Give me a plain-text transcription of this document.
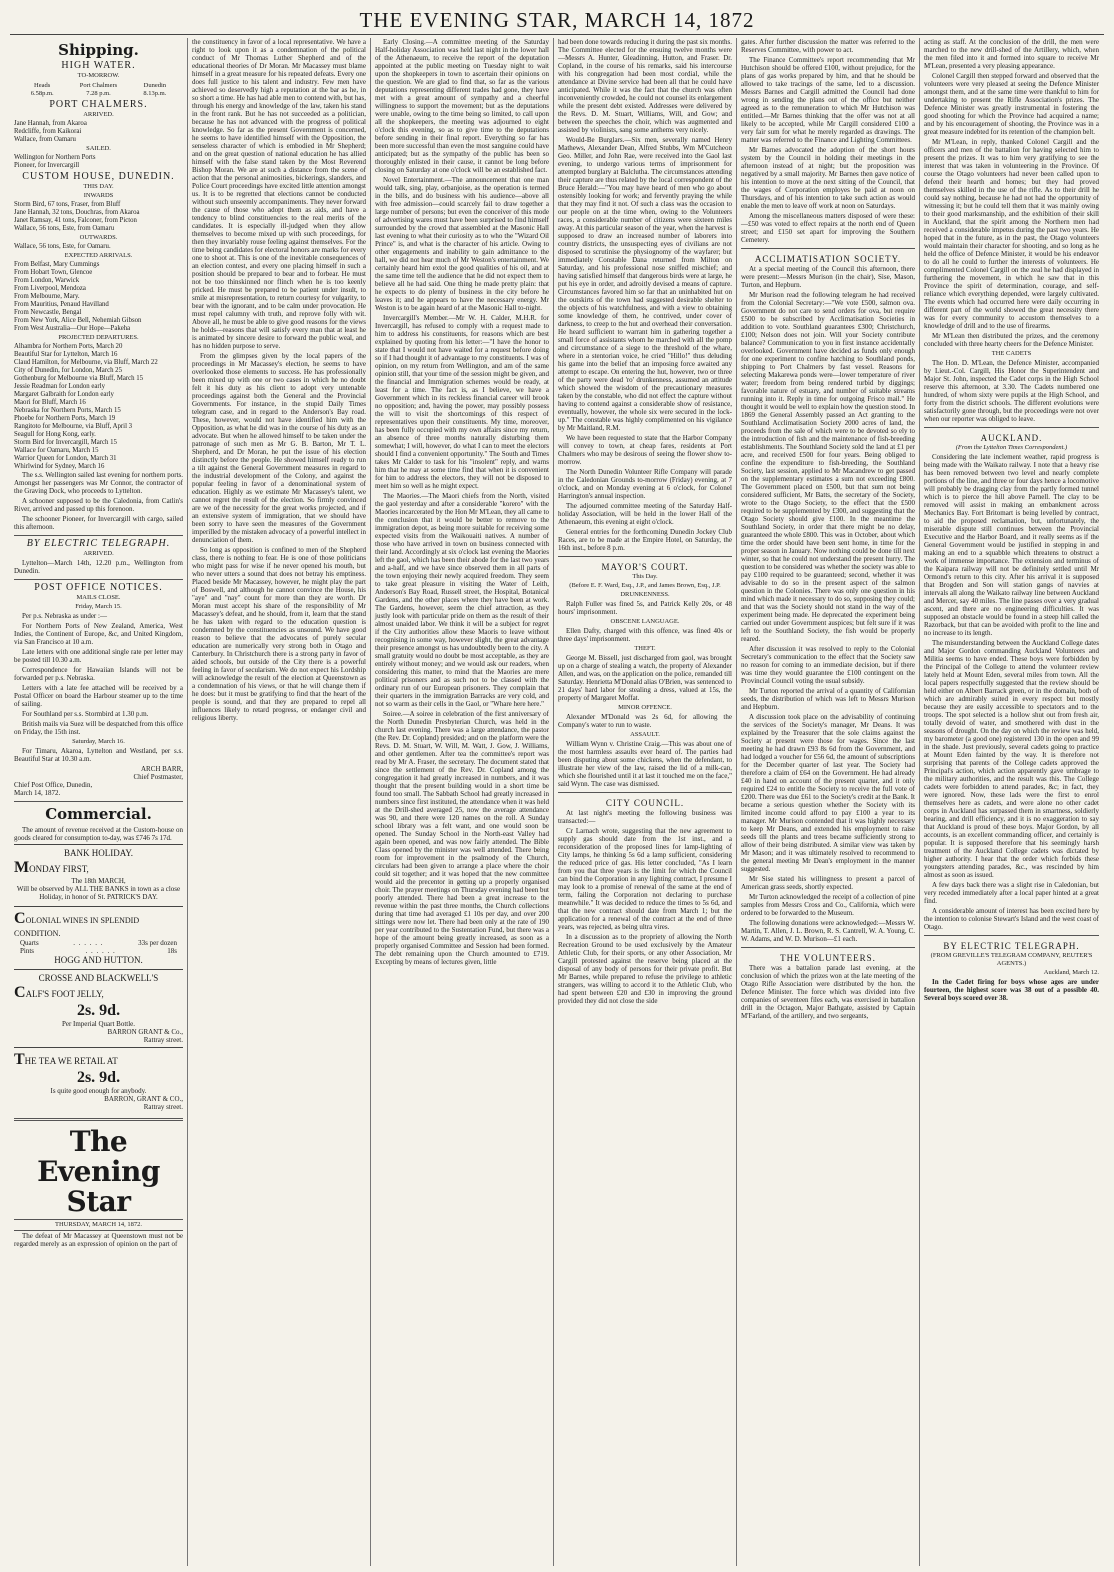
THE EVENING STAR, MARCH 14, 1872
Shipping.
HIGH WATER.
TO-MORROW.
Heads
6.58p.m.
Port Chalmers
7.28 p.m.
Dunedin
8.13p.m.
PORT CHALMERS.
ARRIVED.
Jane Hannah, from Akaroa
Redcliffe, from Kaikorai
Wallace, from Oamaru
SAILED.
Wellington for Northern Ports
Pioneer, for Invercargill
CUSTOM HOUSE, DUNEDIN.
THIS DAY.
INWARDS
Storm Bird, 67 tons, Fraser, from Bluff
Jane Hannah, 32 tons, Douchras, from Akaroa
Janet Ramsay, 41 tons, Falconer, from Picton
Wallace, 56 tons, Este, from Oamaru
OUTWARDS.
Wallace, 56 tons, Este, for Oamaru.
EXPECTED ARRIVALS.
From Belfast, Mary Cummings
From Hobart Town, Glencoe
From London, Warwick
From Liverpool, Mendoza
From Melbourne, Mary.
From Mauritius, Penaud Havilland
From Newcastle, Bengal
From New York, Alice Bell, Nehemiah Gibson
From West Australia—Our Hope—Pakeha
PROJECTED DEPARTURES.
Alhambra for Northern Ports, March 20
Beautiful Star for Lyttelton, March 16
Claud Hamilton, for Melbourne, via Bluff, March 22
City of Dunedin, for London, March 25
Gothenburg for Melbourne via Bluff, March 15
Jessie Readman for London early
Margaret Galbraith for London early
Maori for Bluff, March 16
Nebraska for Northern Ports, March 15
Phoebe for Northern Ports, March 19
Rangitoto for Melbourne, via Bluff, April 3
Seagull for Hong Kong, early.
Storm Bird for Invercargill, March 15
Wallace for Oamaru, March 15
Warrior Queen for London, March 31
Whirlwind for Sydney, March 16

The s.s. Wellington sailed last evening for northern ports. Amongst her passengers was Mr Connor, the contractor of the Graving Dock, who proceeds to Lyttelton.

A schooner supposed to be the Caledonia, from Catlin's River, arrived and passed up this forenoon.

The schooner Pioneer, for Invercargill with cargo, sailed this afternoon.

BY ELECTRIC TELEGRAPH.
ARRIVED.

Lyttelton—March 14th, 12.20 p.m., Wellington from Dunedin.

POST OFFICE NOTICES.
MAILS CLOSE.
Friday, March 15.

Per p.s. Nebraska as under :—

For Northern Ports of New Zealand, America, West Indies, the Continent of Europe, &c, and United Kingdom, via San Francisco at 10 a.m.

Late letters with one additional single rate per letter may be posted till 10.30 a.m.

Correspondence for Hawaiian Islands will not be forwarded per p.s. Nebraska.

Letters with a late fee attached will be received by a Postal Officer on board the Harbour steamer up to the time of sailing.

For Southland per s.s. Stormbird at 1.30 p.m.

British mails via Suez will be despatched from this office on Friday, the 15th inst.

Saturday, March 16.

For Timaru, Akaroa, Lyttelton and Westland, per s.s. Beautiful Star at 10.30 a.m.

ARCH BARR,
Chief Postmaster,
Chief Post Office, Dunedin,
March 14, 1872.
Commercial.

The amount of revenue received at the Custom-house on goods cleared for consumption to-day, was £746 7s 17d.

BANK HOLIDAY.
MONDAY FIRST,
The 18th MARCH,

Will be observed by ALL THE BANKS in town as a close Holiday, in honor of St. PATRICK'S DAY.

COLONIAL WINES IN SPLENDID CONDITION.
Quarts	. . . . . .	33s per dozen
Pints	. . . . . .	18s
HOGG AND HUTTON.
CROSSE AND BLACKWELL'S
CALF'S FOOT JELLY,
2s. 9d.
Per Imperial Quart Bottle.
BARRON GRANT & Co.,
Rattray street.
THE TEA WE RETAIL AT
2s. 9d.
Is quite good enough for anybody.
BARRON, GRANT & CO.,
Rattray street.
The Evening Star
THURSDAY, MARCH 14, 1872.

The defeat of Mr Macassey at Queenstown must not be regarded merely as an expression of opinion on the part of

the constituency in favor of a local representative. We have a right to look upon it as a condemnation of the political conduct of Mr Thomas Luther Shepherd and of the educational theories of Dr Moran. Mr Macassey must blame himself in a great measure for his repeated defeats. Every one does full justice to his talent and industry. Few men have achieved so deservedly high a reputation at the bar as he, in so short a time. He has had able men to contend with, but has, through his energy and knowledge of the law, taken his stand in the front rank. But he has not succeeded as a politician, because he has not advanced with the progress of political knowledge. So far as the present Government is concerned, he seems to have identified himself with the Opposition, the senseless character of which is embodied in Mr Shepherd; and on the great question of national education he has allied himself with the false stand taken by the Most Reverend Bishop Moran. We are at such a distance from the scene of action that the personal animosities, bickerings, slanders, and Police Court proceedings have excited little attention amongst us. It is to be regretted that elections cannot be conducted without such unseemly accompaniments. They never forward the cause of those who adopt them as aids, and have a tendency to blind constituencies to the real merits of the candidates. It is especially ill-judged when they allow themselves to become mixed up with such proceedings, for then they invariably rouse feeling against themselves. For the time being candidates for electoral honors are marks for every one to shoot at. This is one of the inevitable consequences of an election contest, and every one placing himself in such a position should be prepared to bear and to forbear. He must not be too thinskinned nor flinch when he is too keenly pricked. He must be prepared to be patient under insult, to smile at misrepresentation, to return courtesy for vulgarity, to bear with the ignorant, and to be calm under provocation. He must repel calumny with truth, and reprove folly with wit. Above all, he must be able to give good reasons for the views he holds—reasons that will satisfy every man that at least he is animated by sincere desire to forward the public weal, and has no hidden purpose to serve.

From the glimpses given by the local papers of the proceedings in Mr Macassey's election, he seems to have overlooked those elements to success. He has professionally been mixed up with one or two cases in which he no doubt felt it his duty as his client to adopt very untenable proceedings against both the General and the Provincial Governments. For instance, in the stupid Daily Times telegram case, and in regard to the Anderson's Bay road. These, however, would not have identified him with the Opposition, as what he did was in the course of his duty as an advocate. But when he allowed himself to be taken under the patronage of such men as Mr G. B. Barton, Mr T. L. Shepherd, and Dr Moran, he put the issue of his election distinctly before the people. He showed himself ready to run a tilt against the General Government measures in regard to the industrial development of the Colony, and against the popular feeling in favor of a denominational system of education. Highly as we estimate Mr Macassey's talent, we cannot regret the result of the election. So firmly convinced are we of the necessity for the great works projected, and if an extensive system of immigration, that we should have been sorry to have seen the measures of the Government imperilled by the mistaken advocacy of a powerful intellect in denunciation of them.

So long as opposition is confined to men of the Shepherd class, there is nothing to fear. He is one of those politicians who might pass for wise if he never opened his mouth, but who never utters a sound that does not betray his emptiness. Placed beside Mr Macassey, however, he might play the part of Boswell, and although he cannot convince the House, his "aye" and "nay" count for more than they are worth. Dr Moran must accept his share of the responsibility of Mr Macassey's defeat, and he should, from it, learn that the stand he has taken with regard to the education question is condemned by the constituencies as unsound. We have good reason to believe that the advocates of purely secular education are numerically very strong both in Otago and Canterbury. In Christchurch there is a strong party in favor of aided schools, but outside of the City there is a powerful feeling in favor of secularism. We do not expect his Lordship will acknowledge the result of the election at Queenstown as a condemnation of his views, or that he will change them if he does: but it must be gratifying to find that the heart of the people is sound, and that they are prepared to repel all influences likely to retard progress, or endanger civil and religious liberty.

Early Closing.—A committee meeting of the Saturday Half-holiday Association was held last night in the lower hall of the Athenaeum, to receive the report of the deputation appointed at the public meeting on Tuesday night to wait upon the shopkeepers in town to ascertain their opinions on the question. We are glad to find that, so far as the various deputations representing different trades had gone, they have met with a great amount of sympathy and a cheerful willingness to support the movement; but as the deputations were unable, owing to the time being so limited, to call upon all the shopkeepers, the meeting was adjourned to eight o'clock this evening, so as to give time to the deputations before sending in their final report. Everything so far has been more successful than even the most sanguine could have anticipated; but as the sympathy of the public has been so thoroughly enlisted in their cause, it cannot be long before closing on Saturday at one o'clock will be an established fact.

Novel Entertainment.—The announcement that one man would talk, sing, play, orbanjoise, as the operation is termed in the bills, and do business with his audience—above all with free admission—could scarcely fail to draw together a large number of persons; but even the conceiver of this mode of advertising wares must have been surprised to find himself surrounded by the crowd that assembled at the Masonic Hall last evening to what their curiosity as to who the "Wizard Oil Prince" is, and what is the character of his article. Owing to other engagements and inability to gain admittance to the hall, we did not hear much of Mr Weston's entertainment. We certainly heard him extol the good qualities of his oil, and at the same time tell the audience that he did not expect them to believe all he had said. One thing he made pretty plain: that he expects to do plenty of business in the city before he leaves it; and he appears to have the necessary energy. Mr Weston is to be again heard of at the Masonic Hall to-night.

Invercargill's Member.—Mr W. H. Calder, M.H.R. for Invercargill, has refused to comply with a request made to him to address his constituents, for reasons which are best explained by quoting from his letter:—"I have the honor to state that I would not have waited for a request before doing so if I had thought it of advantage to my constituents. I was of opinion, on my return from Wellington, and am of the same opinion still, that your time of the session might be given, and the financial and Immigration schemes would be ready, at least for a time. The fact is, as I believe, we have a Government which in its reckless financial career will brook no opposition; and, having the power, may possibly possess the will to visit the shortcomings of this respect of representatives upon their constituents. My time, moreover, has been fully occupied with my own affairs since my return, an absence of three months naturally disturbing them somewhat; I will, however, do what I can to meet the electors should I find a convenient opportunity." The South and Times takes Mr Calder to task for his "insolent" reply, and warns him that he may at some time find that when it is convenient for him to address the electors, they will not be disposed to meet him so well as he might expect.

The Maories.—The Maori chiefs from the North, visited the gaol yesterday and after a considerable "korero" with the Maories incarcerated by the Hon Mr M'Lean, they all came to the conclusion that it would be better to remove to the immigration depot, as being more suitable for receiving some expected visits from the Waikouaiti natives. A number of those who have arrived in town on business connected with their land. Accordingly at six o'clock last evening the Maories left the gaol, which has been their abode for the last two years and a-half, and we have since observed them in all parts of the town enjoying their newly acquired freedom. They seem to take great pleasure in visiting the Water of Leith, Anderson's Bay Road, Russell street, the Hospital, Botanical Gardens, and the other places where they have been at work. The Gardens, however, seem the chief attraction, as they justly look with particular pride on them as the result of their almost unaided labor. We think it will be a subject for regret if the City authorities allow these Maoris to leave without recognising in some way, however slight, the great advantage their presence amongst us has undoubtedly been to the city. A small gratuity would no doubt be most acceptable, as they are entirely without money; and we would ask our readers, when considering this matter, to mind that the Maories are mere political prisoners and as such not to be classed with the ordinary run of our European prisoners. They complain that their quarters in the immigration Barracks are very cold, and not so warm as their cells in the Gaol, or "Whare here here."

Soiree.—A soiree in celebration of the first anniversary of the North Dunedin Presbyterian Church, was held in the church last evening. There was a large attendance, the pastor (the Rev. Dr. Copland) presided; and on the platform were the Revs. D. M. Stuart, W. Will, M. Watt, J. Gow, J. Williams, and other gentlemen. After tea the committee's report was read by Mr A. Fraser, the secretary. The document stated that since the settlement of the Rev. Dr. Copland among the congregation it had greatly increased in numbers, and it was thought that the present building would in a short time be found too small. The Sabbath School had greatly increased in numbers since first instituted, the attendance when it was held at the Drill-shed averaged 25, now the average attendance was 90, and there were 120 names on the roll. A Sunday school library was a felt want, and one would soon be opened. The Sunday School in the North-east Valley had again been opened, and was now fairly attended. The Bible Class opened by the minister was well attended. There being room for improvement in the psalmody of the Church, circulars had been given to arrange a place where the choir could sit together; and it was hoped that the new committee would aid the precentor in getting up a properly organised choir. The prayer meetings on Thursday evening had been but poorly attended. There had been a great increase to the revenue within the past three months, the Church collections during that time had averaged £1 10s per day, and over 200 sittings were now let. There had been only at the rate of 190 per year contributed to the Sustentation Fund, but there was a hope of the amount being greatly increased, as soon as a properly organised Committee and Session had been formed. The debt remaining upon the Church amounted to £719. Excepting by means of lectures given, little

had been done towards reducing it during the past six months. The Committee elected for the ensuing twelve months were—Messrs A. Hunter, Gleadinning, Hutton, and Fraser. Dr. Copland, in the course of his remarks, said his intercourse with his congregation had been most cordial, while the attendance at Divine service had been all that he could have anticipated. While it was the fact that the church was often inconveniently crowded, he could not counsel its enlargement while the present debt existed. Addresses were delivered by the Revs. D. M. Stuart, Williams, Will, and Gow; and between the speeches the choir, which was augmented and assisted by violinists, sang some anthems very nicely.

Would-Be Burglars.—Six men, severally named Henry Mathews, Alexander Dean, Alfred Stubbs, Wm M'Cutcheon Geo. Miller, and John Rae, were received into the Gaol last evening, to undergo various terms of imprisonment for attempted burglary at Balclutha. The circumstances attending their capture are thus related by the local correspondent of the Bruce Herald:—"You may have heard of men who go about ostensibly looking for work; and fervently praying the while that they may find it not. Of such a class was the occasion to our people on at the time when, owing to the Volunteers races, a considerable number of citizens were sixteen miles away. At this particular season of the year, when the harvest is supposed to draw an increased number of laborers into country districts, the unsuspecting eyes of civilians are not disposed to scrutinise the physiognomy of the wayfarer; but immediately Constable Dana returned from Milton on Saturday, and his professional nose sniffed mischief; and having satisfied himself that dangerous birds were at large, he put his eye in order, and adroitly devised a means of capture. Circumstances favored him so far that an uninhabited hut on the outskirts of the town had suggested desirable shelter to the objects of his watchfulness, and with a view to obtaining some knowledge of them, he contrived, under cover of darkness, to creep to the hut and overhead their conversation. He heard sufficient to warrant him in gathering together a small force of assistants whom he marched with all the pomp and circumstance of a siege to the threshold of the whare, where in a stentorian voice, he cried "Hillo!" thus deluding his game into the belief that an imposing force awaited any attempt to escape. On entering the hut, however, two or three of the party were dead 'ro' drunkenness, assumed an attitude which showed the wisdom of the precautionary measures taken by the constable, who did not effect the capture without having to contend against a considerable show of resistance, eventually, however, the whole six were secured in the lock-up." The constable was highly complimented on his vigilance by Mr Maitland, R.M.

We have been requested to state that the Harbor Company will convey to town, at cheap fares, residents at Port Chalmers who may be desirous of seeing the flower show to-morrow.

The North Dunedin Volunteer Rifle Company will parade in the Caledonian Grounds to-morrow (Friday) evening, at 7 o'clock, and on Monday evening at 6 o'clock, for Colonel Harrington's annual inspection.

The adjourned committee meeting of the Saturday Half-holiday Association, will be held in the lower Hall of the Athenaeum, this evening at eight o'clock.

General entries for the forthcoming Dunedin Jockey Club Races, are to be made at the Empire Hotel, on Saturday, the 16th inst., before 8 p.m.

MAYOR'S COURT.
This Day.
(Before E. F. Ward, Esq., J.P., and James Brown, Esq., J.P.
DRUNKENNESS.

Ralph Fuller was fined 5s, and Patrick Kelly 20s, or 48 hours' imprisonment.

OBSCENE LANGUAGE.

Ellen Dafty, charged with this offence, was fined 40s or three days' imprisonment.

THEFT.

George M. Bissell, just discharged from gaol, was brought up on a charge of stealing a watch, the property of Alexander Allen, and was, on the application on the police, remanded till Saturday. Henrietta M'Donald alias O'Brien, was sentenced to 21 days' hard labor for stealing a dress, valued at 15s, the property of Margaret Moffat.

MINOR OFFENCE.

Alexander M'Donald was 2s 6d, for allowing the Company's water to run to waste.

ASSAULT.

William Wynn v. Christine Craig.—This was about one of the most harmless assaults ever heard of. The parties had been disputing about some chickens, when the defendant, to illustrate her view of the law, raised the lid of a milk-can, which she flourished until it at last it touched me on the face," said Wynn. The case was dismissed.

CITY COUNCIL.

At last night's meeting the following business was transacted:—

Cr Larnach wrote, suggesting that the new agreement to supply gas should date from the 1st inst., and a reconsideration of the proposed lines for lamp-lighting of City lamps, he thinking 5s 6d a lamp sufficient, considering the reduced price of gas. His letter concluded, "As I learn from you that three years is the limit for which the Council can bind the Corporation in any lighting contract, I presume I may look to a promise of renewal of the same at the end of term, failing the Corporation not declaring to purchase meanwhile." It was decided to reduce the times to 5s 6d, and that the new contract should date from March 1; but the application for a renewal of the contract at the end of three years, was rejected, as being ultra vires.

In a discussion as to the propriety of allowing the North Recreation Ground to be used exclusively by the Amateur Athletic Club, for their sports, or any other Association, Mr Cargill protested against the reserve being placed at the disposal of any body of persons for their private profit. But Mr Barnes, while prepared to refuse the privilege to athletic strangers, was willing to accord it to the Athletic Club, who had spent between £20 and £30 in improving the ground provided they did not close the side

gates. After further discussion the matter was referred to the Reserves Committee, with power to act.

The Finance Committee's report recommending that Mr Hutchison should be offered £100, without prejudice, for the plans of gas works prepared by him, and that he should be allowed to take tracings of the same, led to a discussion. Messrs Barnes and Cargill admitted the Council had done wrong in sending the plans out of the office but neither agreed as to the remuneration to which Mr Hutchison was entitled.—Mr Barnes thinking that the offer was not at all likely to be accepted, while Mr Cargill considered £100 a very fair sum for what he merely regarded as drawings. The matter was referred to the Finance and Lighting Committees.

Mr Barnes advocated the adoption of the short hours system by the Council in holding their meetings in the afternoon instead of at night; but the proposition was negatived by a small majority. Mr Barnes then gave notice of his intention to move at the next sitting of the Council, that the wages of Corporation employes be paid at noon on Thursdays, and of his intention to take such action as would enable the men to leave off work at noon on Saturdays.

Among the miscellaneous matters disposed of were these:—£50 was voted to effect repairs at the north end of Queen street; and £150 set apart for improving the Southern Cemetery.

ACCLIMATISATION SOCIETY.

At a special meeting of the Council this afternoon, there were present:—Messrs Murison (in the chair), Sise, Mason, Turton, and Hepburn.

Mr Murison read the following telegram he had received from the Colonial Secretary:—"We vote £500, salmon ova. Government do not care to send orders for ova, but require £500 to be subscribed by Acclimatisation Societies in addition to vote. Southland guarantees £300; Christchurch, £100; Nelson does not join. Will your Society contribute balance? Communication to you in first instance accidentally overlooked. Government have decided as funds only enough for one experiment to confine hatching to Southland ponds, shipping to Port Chalmers by fast vessel. Reasons for selecting Makarewa ponds were—lower temperature of river water; freedom from being rendered turbid by diggings; favorable nature of estuary, and number of suitable streams running into it. Reply in time for outgoing Frisco mail." He thought it would be well to explain how the question stood. In 1869 the General Assembly passed an Act granting to the Southland Acclimatisation Society 2000 acres of land, the proceeds from the sale of which were to be devoted so ely to the introduction of fish and the maintenance of fish-breeding establishments. The Southland Society sold the land at £1 per acre, and received £500 for four years. Being obliged to confine the expenditure to fish-breeding, the Southland Society, last session, applied to Mr Macandrew to get passed on the supplementary estimates a sum not exceeding £800. The Government placed on £500, but that sum not being considered sufficient, Mr Batts, the secretary of the Society, wrote to the Otago Society, to the effect that the £500 required to be supplemented by £300, and suggesting that the Otago Society should give £100. In the meantime the Southland Society, in order that there might be no delay, guaranteed the whole £800. This was in October, about which time the order should have been sent home, in time for the proper season in January. Now nothing could be done till next winter, so that he could not understand the present hurry. The question to be considered was whether the society was able to pay £100 required to be guaranteed; second, whether it was advisable to do so in the present aspect of the salmon question in the Colonies. There was only one question in his mind which made it necessary to do so, supposing they could; and that was the Society should not stand in the way of the experiment being made. He deprecated the experiment being carried out under Government auspices; but felt sure if it was left to the Southland Society, the fish would be properly reared.

After discussion it was resolved to reply to the Colonial Secretary's communication to the effect that the Society saw no reason for coming to an immediate decision, but if there was time they would guarantee the £100 contingent on the Provincial Council voting the usual subsidy.

Mr Turton reported the arrival of a quantity of Californian seeds, the distribution of which was left to Messrs Murison and Hepburn.

A discussion took place on the advisability of continuing the services of the Society's manager, Mr Deans. It was explained by the Treasurer that the sole claims against the Society at present were those for wages. Since the last meeting he had drawn £93 8s 6d from the Government, and had lodged a voucher for £56 6d, the amount of subscriptions for the December quarter of last year. The Society had therefore a claim of £64 on the Government. He had already £40 in hand on account of the present quarter, and it only required £24 to entitle the Society to receive the full vote of £200. There was due £61 to the Society's credit at the Bank. It became a serious question whether the Society with its limited income could afford to pay £100 a year to its manager. Mr Murison contended that it was highly necessary to keep Mr Deans, and extended his employment to raise seeds till the plants and trees became sufficiently strong to allow of their being distributed. A similar view was taken by Mr Mason; and it was ultimately resolved to recommend to the general meeting Mr Dean's employment in the manner suggested.

Mr Sise stated his willingness to present a parcel of American grass seeds, shortly expected.

Mr Turton acknowledged the receipt of a collection of pine samples from Messrs Cross and Co., California, which were ordered to be forwarded to the Museum.

The following donations were acknowledged:—Messrs W. Martin, T. Allen, J. L. Brown, R. S. Cantrell, W. A. Young, C. W. Adams, and W. D. Murison—£1 each.

THE VOLUNTEERS.

There was a battalion parade last evening, at the conclusion of which the prizes won at the late meeting of the Otago Rifle Association were distributed by the hon. the Defence Minister. The force which was divided into five companies of seventeen files each, was exercised in battalion drill in the Octagon, Major Bathgate, assisted by Captain M'Farland, of the artillery, and two sergeants,

acting as staff. At the conclusion of the drill, the men were marched to the new drill-shed of the Artillery, which, when the men filed into it and formed into square to receive Mr M'Lean, presented a very pleasing appearance.

Colonel Cargill then stepped forward and observed that the volunteers were very pleased at seeing the Defence Minister amongst them, and at the same time were thankful to him for undertaking to present the Rifle Association's prizes. The Defence Minister was greatly instrumental in fostering the good shooting for which the Province had acquired a name; and by his encouragement of shooting, the Province was in a great measure indebted for its retention of the champion belt.

Mr M'Lean, in reply, thanked Colonel Cargill and the officers and men of the battalion for having selected him to present the prizes. It was to him very gratifying to see the interest that was taken in volunteering in the Province. Of course the Otago volunteers had never been called upon to defend their hearth and homes; but they had proved themselves skilled in the use of the rifle. As to their drill he could say nothing, because he had not had the opportunity of witnessing it; but he could tell them that it was mainly owing to their good marksmanship, and the exhibition of their skill in Auckland, that the spirit among the Northern men had received a considerable impetus during the past two years. He hoped that in the future, as in the past, the Otago volunteers would maintain their character for shooting, and so long as he held the office of Defence Minister, it would be his endeavor to do all he could to further the interests of volunteers. He complimented Colonel Cargill on the zeal he had displayed in furthering the movement, in which he saw that in this Province the spirit of determination, courage, and self-reliance which everything depended, were largely cultivated. The events which had occurred here were daily occurring in different part of the world showed the great necessity there was for every community to accustom themselves to a knowledge of drill and to the use of firearms.

Mr M'Lean then distributed the prizes, and the ceremony concluded with three hearty cheers for the Defence Minister.

THE CADETS

The Hon. D. M'Lean, the Defence Minister, accompanied by Lieut.-Col. Cargill, His Honor the Superintendent and Major St. John, inspected the Cadet corps in the High School reserve this afternoon, at 3.30. The Cadets numbered one hundred, of whom sixty were pupils at the High School, and forty from the district schools. The different evolutions were satisfactorily gone through, but the proceedings were not over when our reporter was obliged to leave.

AUCKLAND.
(From the Lyttelton Times Correspondent.)

Considering the late inclement weather, rapid progress is being made with the Waikato railway. I note that a heavy rise has been removed between two level and nearly complete portions of the line, and three or four days hence a locomotive will probably be dragging clay from the partly formed tunnel which is to pierce the hill above Parnell. The clay to be removed will assist in making an embankment across Mechanics Bay. Fort Britomart is being levelled by contract, to aid the proposed reclamation, but, unfortunately, the miserable dispute still continues between the Provincial Executive and the Harbor Board, and it really seems as if the General Government would be justified in stepping in and making an end to a squabble which threatens to obstruct a work of immense importance. The extension and terminus of the Kaipara railway will not be definitely settled until Mr Ormond's return to this city. After his arrival it is supposed that Brogden and Son will station gangs of navvies at intervals all along the Waikato railway line between Auckland and Mercer, say 40 miles. The line passes over a very gradual ascent, and there are no engineering difficulties. It was supposed an obstacle would be found in a steep hill called the Razorback, but that can be avoided with profit to the line and no increase to its length.

The misunderstanding between the Auckland College dates and Major Gordon commanding Auckland Volunteers and Militia seems to have ended. These boys were forbidden by the Principal of the College to attend the volunteer review lately held at Mount Eden, several miles from town. All the local papers respectfully suggested that the review should be held either on Albert Barrack green, or in the domain, both of which are admirably suited in every respect but mostly because they are easily accessible to spectators and to the troops. The spot selected is a hollow shut out from fresh air, totally devoid of water, and smothered with dust in the seasons of drought. On the day on which the review was held, my barometer (a good one) registered 130 in the open and 99 in the shade. Just previously, several cadets going to practice at Mount Eden fainted by the way. It is therefore not surprising that parents of the College cadets approved the Principal's action, which action apparently gave umbrage to the military authorities, and the result was this. The College cadets were forbidden to attend parades, &c; in fact, they were ignored. Now, these lads were the first to enrol themselves here as cadets, and were alone no other cadet corps in Auckland has surpassed them in smartness, soldierly bearing, and drill efficiency, and it is no exaggeration to say that Auckland is proud of these boys. Major Gordon, by all accounts, is an excellent commanding officer, and certainly is popular. It is supposed therefore that his seemingly harsh treatment of the Auckland College cadets was dictated by higher authority. I hear that the order which forbids these youngsters attending parades, &c., was rescinded by him almost as soon as issued.

A few days back there was a slight rise in Caledonian, but very receded immediately after a local paper hinted at a great find.

A considerable amount of interest has been excited here by the intention to colonise Stewart's Island and the west coast of Otago.

BY ELECTRIC TELEGRAPH.
(FROM GREVILLE'S TELEGRAM COMPANY, REUTER'S AGENTS.)
Auckland, March 12.

In the Cadet firing for boys whose ages are under fourteen, the highest score was 38 out of a possible 40. Several boys scored over 38.
